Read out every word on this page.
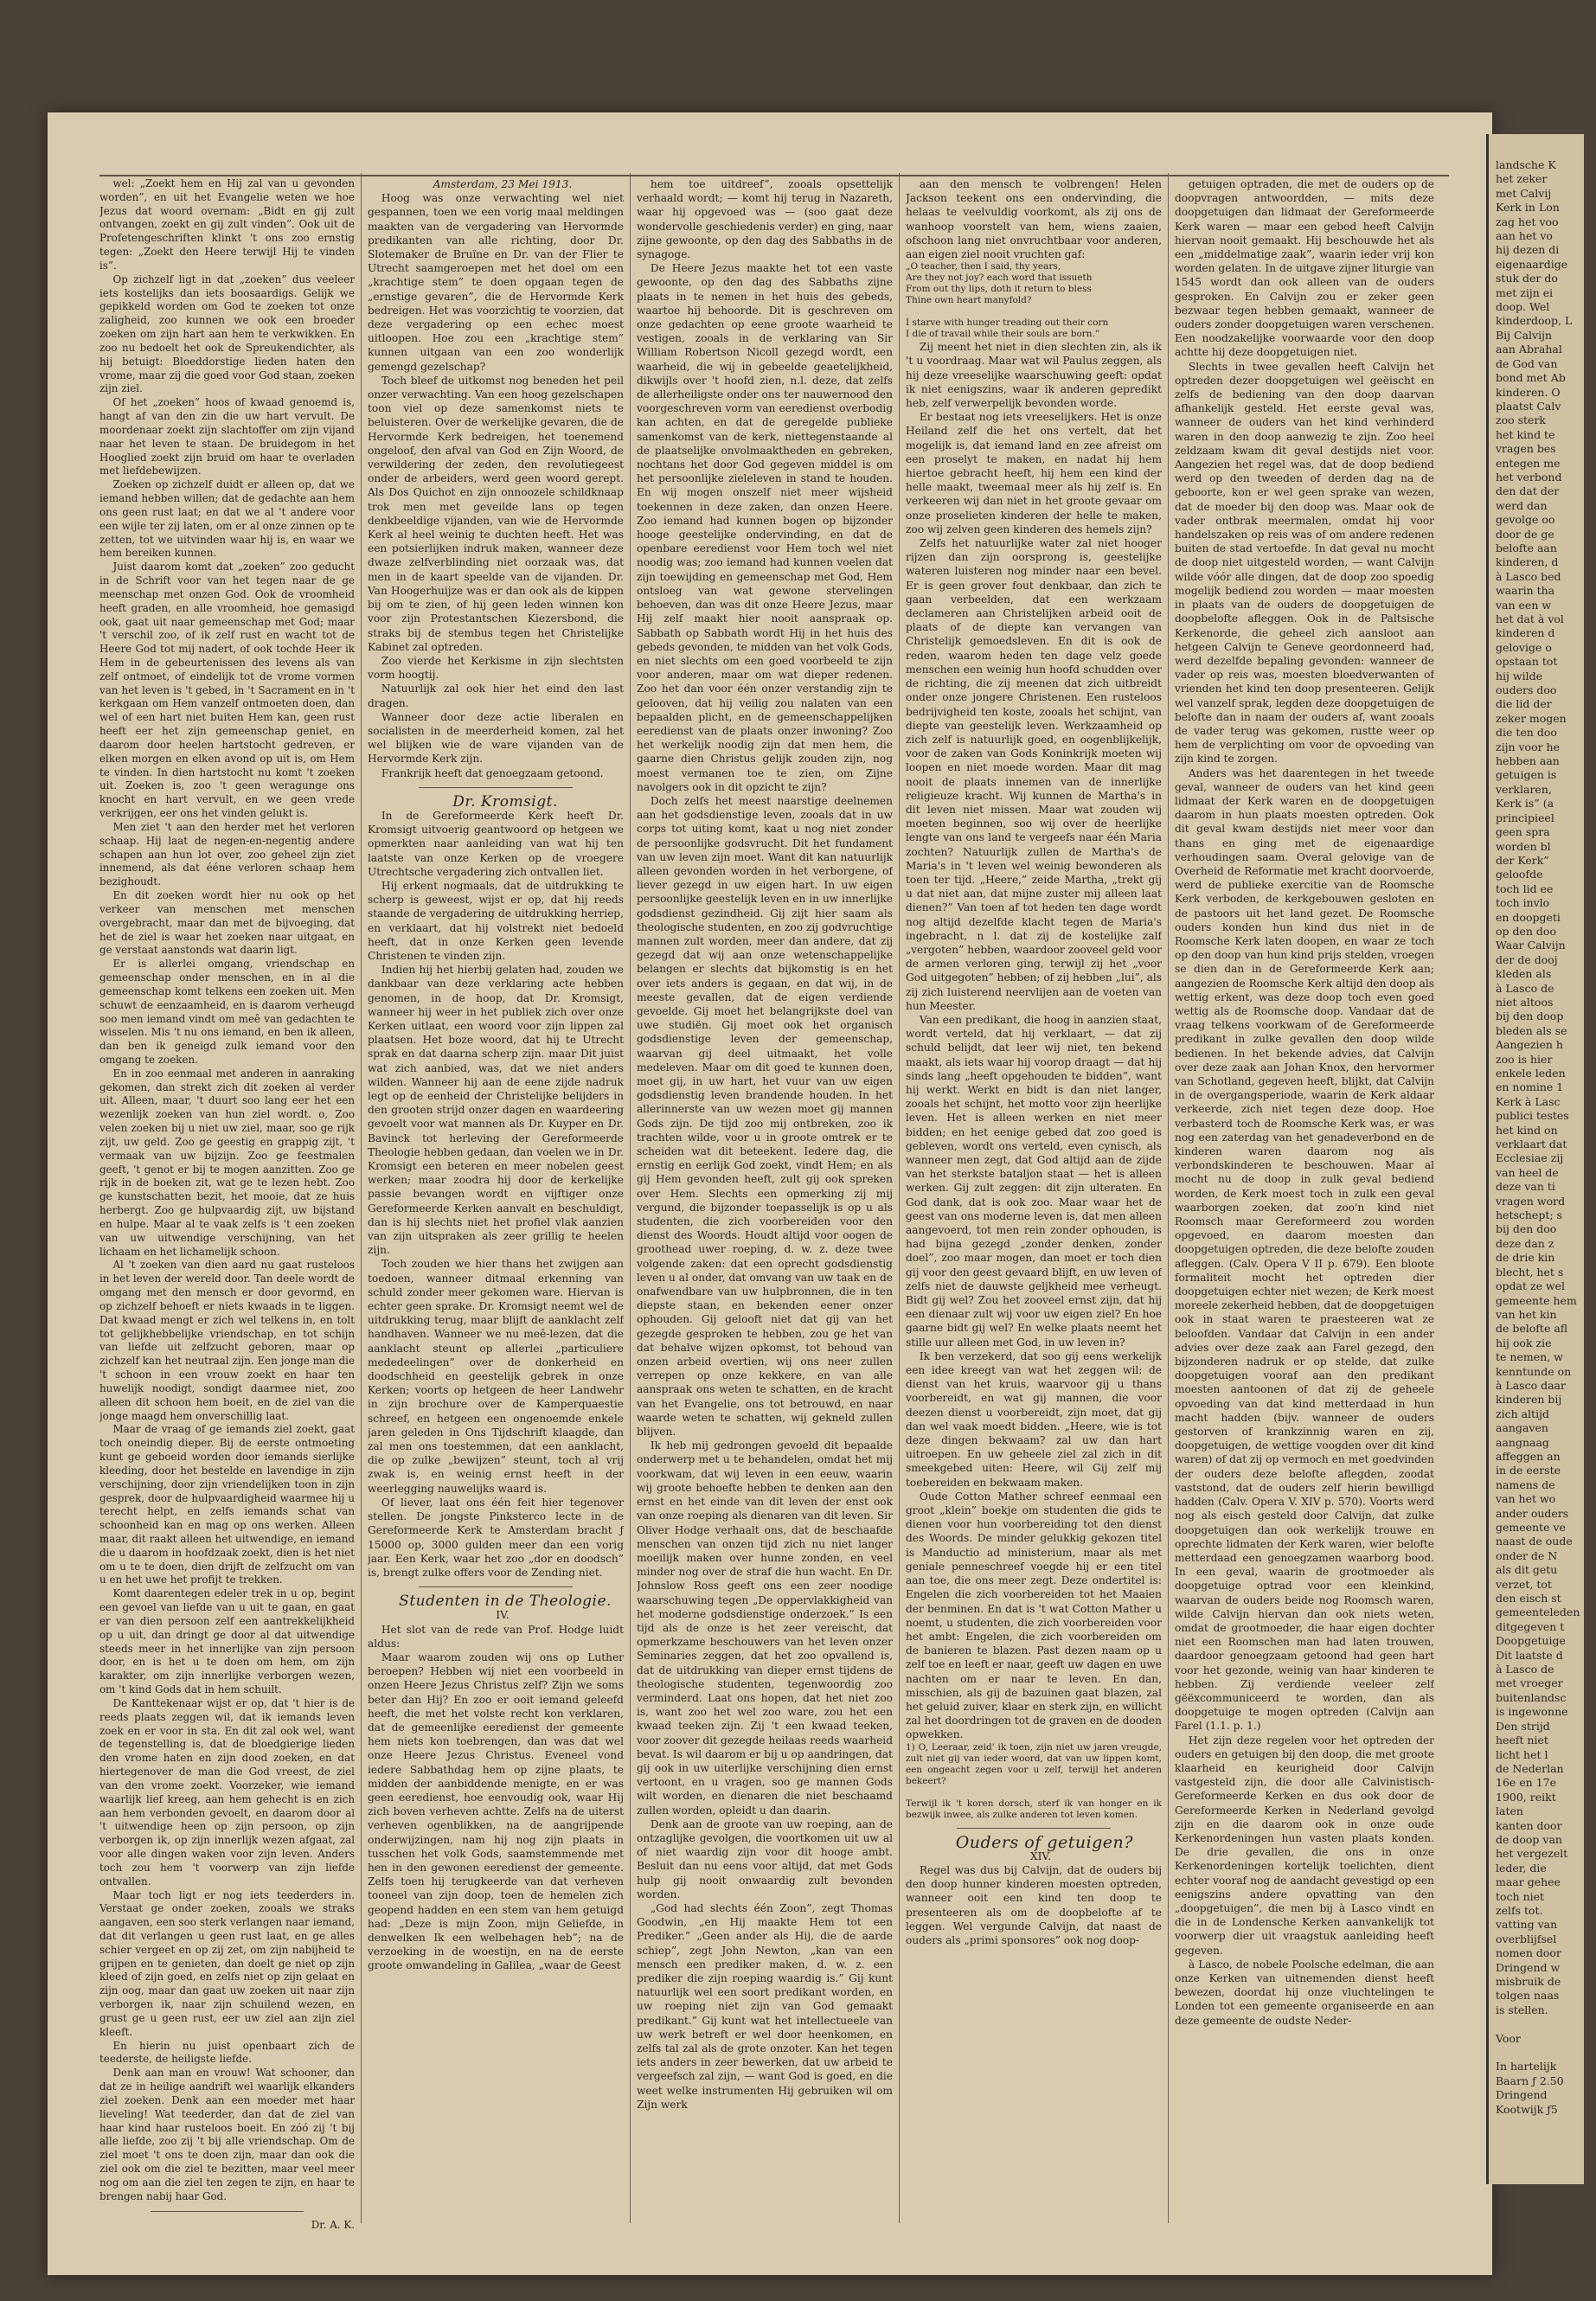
wel: „Zoekt hem en Hij zal van u gevonden worden”, en uit het Evangelie weten we hoe Jezus dat woord overnam: „Bidt en gij zult ontvangen, zoekt en gij zult vinden”. Ook uit de Profetengeschriften klinkt 't ons zoo ernstig tegen: „Zoekt den Heere terwijl Hij te vinden is”.

Op zichzelf ligt in dat „zoeken” dus veeleer iets kostelijks dan iets boosaardigs. Gelijk we gepikkeld worden om God te zoeken tot onze zaligheid, zoo kunnen we ook een broeder zoeken om zijn hart aan hem te verkwikken. En zoo nu bedoelt het ook de Spreukendichter, als hij betuigt: Bloeddorstige lieden haten den vrome, maar zij die goed voor God staan, zoeken zijn ziel.

Of het „zoeken” hoos of kwaad genoemd is, hangt af van den zin die uw hart vervult. De moordenaar zoekt zijn slachtoffer om zijn vijand naar het leven te staan. De bruidegom in het Hooglied zoekt zijn bruid om haar te overladen met liefdebewijzen.

Zoeken op zichzelf duidt er alleen op, dat we iemand hebben willen; dat de gedachte aan hem ons geen rust laat; en dat we al 't andere voor een wijle ter zij laten, om er al onze zinnen op te zetten, tot we uitvinden waar hij is, en waar we hem bereiken kunnen.

Juist daarom komt dat „zoeken” zoo geducht in de Schrift voor van het tegen naar de ge meenschap met onzen God. Ook de vroomheid heeft graden, en alle vroomheid, hoe gemasigd ook, gaat uit naar gemeenschap met God; maar 't verschil zoo, of ik zelf rust en wacht tot de Heere God tot mij nadert, of ook tochde Heer ik Hem in de gebeurtenissen des levens als van zelf ontmoet, of eindelijk tot de vrome vormen van het leven is 't gebed, in 't Sacrament en in 't kerkgaan om Hem vanzelf ontmoeten doen, dan wel of een hart niet buiten Hem kan, geen rust heeft eer het zijn gemeenschap geniet, en daarom door heelen hartstocht gedreven, er elken morgen en elken avond op uit is, om Hem te vinden. In dien hartstocht nu komt 't zoeken uit. Zoeken is, zoo 't geen weragunge ons knocht en hart vervult, en we geen vrede verkrijgen, eer ons het vinden gelukt is.

Men ziet 't aan den herder met het verloren schaap. Hij laat de negen-en-negentig andere schapen aan hun lot over, zoo geheel zijn ziet innemend, als dat ééne verloren schaap hem bezighoudt.

En dit zoeken wordt hier nu ook op het verkeer van menschen met menschen overgebracht, maar dan met de bijvoeging, dat het de ziel is waar het zoeken naar uitgaat, en ge verstaat aanstonds wat daarin ligt.

Er is allerlei omgang, vriendschap en gemeenschap onder menschen, en in al die gemeenschap komt telkens een zoeken uit. Men schuwt de eenzaamheid, en is daarom verheugd soo men iemand vindt om meê van gedachten te wisselen. Mis 't nu ons iemand, en ben ik alleen, dan ben ik geneigd zulk iemand voor den omgang te zoeken.

En in zoo eenmaal met anderen in aanraking gekomen, dan strekt zich dit zoeken al verder uit. Alleen, maar, 't duurt soo lang eer het een wezenlijk zoeken van hun ziel wordt. o, Zoo velen zoeken bij u niet uw ziel, maar, soo ge rijk zijt, uw geld. Zoo ge geestig en grappig zijt, 't vermaak van uw bijzijn. Zoo ge feestmalen geeft, 't genot er bij te mogen aanzitten. Zoo ge rijk in de boeken zit, wat ge te lezen hebt. Zoo ge kunstschatten bezit, het mooie, dat ze huis herbergt. Zoo ge hulpvaardig zijt, uw bijstand en hulpe. Maar al te vaak zelfs is 't een zoeken van uw uitwendige verschijning, van het lichaam en het lichamelijk schoon.

Al 't zoeken van dien aard nu gaat rusteloos in het leven der wereld door. Tan deele wordt de omgang met den mensch er door gevormd, en op zichzelf behoeft er niets kwaads in te liggen. Dat kwaad mengt er zich wel telkens in, en tolt tot gelijkhebbelijke vriendschap, en tot schijn van liefde uit zelfzucht geboren, maar op zichzelf kan het neutraal zijn. Een jonge man die 't schoon in een vrouw zoekt en haar ten huwelijk noodigt, sondigt daarmee niet, zoo alleen dit schoon hem boeit, en de ziel van die jonge maagd hem onverschillig laat.

Maar de vraag of ge iemands ziel zoekt, gaat toch oneindig dieper. Bij de eerste ontmoeting kunt ge geboeid worden door iemands sierlijke kleeding, door het bestelde en lavendige in zijn verschijning, door zijn vriendelijken toon in zijn gesprek, door de hulpvaardigheid waarmee hij u terecht helpt, en zelfs iemands schat van schoonheid kan en mag op ons werken. Alleen maar, dit raakt alleen het uitwendige, en iemand die u daarom in hoofdzaak zoekt, dien is het niet om u te te doen, dien drijft de zelfzucht om van u en het uwe het profijt te trekken.

Komt daarentegen edeler trek in u op, begint een gevoel van liefde van u uit te gaan, en gaat er van dien persoon zelf een aantrekkelijkheid op u uit, dan dringt ge door al dat uitwendige steeds meer in het innerlijke van zijn persoon door, en is het u te doen om hem, om zijn karakter, om zijn innerlijke verborgen wezen, om 't kind Gods dat in hem schuilt.

De Kanttekenaar wijst er op, dat 't hier is de reeds plaats zeggen wil, dat ik iemands leven zoek en er voor in sta. En dit zal ook wel, want de tegenstelling is, dat de bloedgierige lieden den vrome haten en zijn dood zoeken, en dat hiertegenover de man die God vreest, de ziel van den vrome zoekt. Voorzeker, wie iemand waarlijk lief kreeg, aan hem gehecht is en zich aan hem verbonden gevoelt, en daarom door al 't uitwendige heen op zijn persoon, op zijn verborgen ik, op zijn innerlijk wezen afgaat, zal voor alle dingen waken voor zijn leven. Anders toch zou hem 't voorwerp van zijn liefde ontvallen.

Maar toch ligt er nog iets teederders in. Verstaat ge onder zoeken, zooals we straks aangaven, een soo sterk verlangen naar iemand, dat dit verlangen u geen rust laat, en ge alles schier vergeet en op zij zet, om zijn nabijheid te grijpen en te genieten, dan doelt ge niet op zijn kleed of zijn goed, en zelfs niet op zijn gelaat en zijn oog, maar dan gaat uw zoeken uit naar zijn verborgen ik, naar zijn schuilend wezen, en grust ge u geen rust, eer uw ziel aan zijn ziel kleeft.

En hierin nu juist openbaart zich de teederste, de heiligste liefde.

Denk aan man en vrouw! Wat schooner, dan dat ze in heilige aandrift wel waarlijk elkanders ziel zoeken. Denk aan een moeder met haar lieveling! Wat teederder, dan dat de ziel van haar kind haar rusteloos boeit. En zóó zij 't bij alle liefde, zoo zij 't bij alle vriendschap. Om de ziel moet 't ons te doen zijn, maar dan ook die ziel ook om die ziel te bezitten, maar veel meer nog om aan die ziel ten zegen te zijn, en haar te brengen nabij haar God.

Dr. A. K.

Amsterdam, 23 Mei 1913.

Hoog was onze verwachting wel niet gespannen, toen we een vorig maal meldingen maakten van de vergadering van Hervormde predikanten van alle richting, door Dr. Slotemaker de Bruïne en Dr. van der Flier te Utrecht saamgeroepen met het doel om een „krachtige stem” te doen opgaan tegen de „ernstige gevaren”, die de Hervormde Kerk bedreigen. Het was voorzichtig te voorzien, dat deze vergadering op een echec moest uitloopen. Hoe zou een „krachtige stem” kunnen uitgaan van een zoo wonderlijk gemengd gezelschap?

Toch bleef de uitkomst nog beneden het peil onzer verwachting. Van een hoog gezelschapen toon viel op deze samenkomst niets te beluisteren. Over de werkelijke gevaren, die de Hervormde Kerk bedreigen, het toenemend ongeloof, den afval van God en Zijn Woord, de verwildering der zeden, den revolutiegeest onder de arbeiders, werd geen woord gerept. Als Dos Quichot en zijn onnoozele schildknaap trok men met geveilde lans op tegen denkbeeldige vijanden, van wie de Hervormde Kerk al heel weinig te duchten heeft. Het was een potsierlijken indruk maken, wanneer deze dwaze zelfverblinding niet oorzaak was, dat men in de kaart speelde van de vijanden. Dr. Van Hoogerhuijze was er dan ook als de kippen bij om te zien, of hij geen leden winnen kon voor zijn Protestantschen Kiezersbond, die straks bij de stembus tegen het Christelijke Kabinet zal optreden.

Zoo vierde het Kerkisme in zijn slechtsten vorm hoogtij.

Natuurlijk zal ook hier het eind den last dragen.

Wanneer door deze actie liberalen en socialisten in de meerderheid komen, zal het wel blijken wie de ware vijanden van de Hervormde Kerk zijn.

Frankrijk heeft dat genoegzaam getoond.

Dr. Kromsigt.

In de Gereformeerde Kerk heeft Dr. Kromsigt uitvoerig geantwoord op hetgeen we opmerkten naar aanleiding van wat hij ten laatste van onze Kerken op de vroegere Utrechtsche vergadering zich ontvallen liet.

Hij erkent nogmaals, dat de uitdrukking te scherp is geweest, wijst er op, dat hij reeds staande de vergadering de uitdrukking herriep, en verklaart, dat hij volstrekt niet bedoeld heeft, dat in onze Kerken geen levende Christenen te vinden zijn.

Indien hij het hierbij gelaten had, zouden we dankbaar van deze verklaring acte hebben genomen, in de hoop, dat Dr. Kromsigt, wanneer hij weer in het publiek zich over onze Kerken uitlaat, een woord voor zijn lippen zal plaatsen. Het boze woord, dat hij te Utrecht sprak en dat daarna scherp zijn. maar Dit juist wat zich aanbied, was, dat we niet anders wilden. Wanneer hij aan de eene zijde nadruk legt op de eenheid der Christelijke belijders in den grooten strijd onzer dagen en waardeering gevoelt voor wat mannen als Dr. Kuyper en Dr. Bavinck tot herleving der Gereformeerde Theologie hebben gedaan, dan voelen we in Dr. Kromsigt een beteren en meer nobelen geest werken; maar zoodra hij door de kerkelijke passie bevangen wordt en vijftiger onze Gereformeerde Kerken aanvalt en beschuldigt, dan is hij slechts niet het profiel vlak aanzien van zijn uitspraken als zeer grillig te heelen zijn.

Toch zouden we hier thans het zwijgen aan toedoen, wanneer ditmaal erkenning van schuld zonder meer gekomen ware. Hiervan is echter geen sprake. Dr. Kromsigt neemt wel de uitdrukking terug, maar blijft de aanklacht zelf handhaven. Wanneer we nu meê-lezen, dat die aanklacht steunt op allerlei „particuliere mededeelingen” over de donkerheid en doodschheid en geestelijk gebrek in onze Kerken; voorts op hetgeen de heer Landwehr in zijn brochure over de Kamperquaestie schreef, en hetgeen een ongenoemde enkele jaren geleden in Ons Tijdschrift klaagde, dan zal men ons toestemmen, dat een aanklacht, die op zulke „bewijzen” steunt, toch al vrij zwak is, en weinig ernst heeft in der weerlegging nauwelijks waard is.

Of liever, laat ons één feit hier tegenover stellen. De jongste Pinksterco lecte in de Gereformeerde Kerk te Amsterdam bracht ƒ 15000 op, 3000 gulden meer dan een vorig jaar. Een Kerk, waar het zoo „dor en doodsch” is, brengt zulke offers voor de Zending niet.

Studenten in de Theologie.

IV.

Het slot van de rede van Prof. Hodge luidt aldus:

Maar waarom zouden wij ons op Luther beroepen? Hebben wij niet een voorbeeld in onzen Heere Jezus Christus zelf? Zijn we soms beter dan Hij? En zoo er ooit iemand geleefd heeft, die met het volste recht kon verklaren, dat de gemeenlijke eeredienst der gemeente hem niets kon toebrengen, dan was dat wel onze Heere Jezus Christus. Eveneel vond iedere Sabbathdag hem op zijne plaats, te midden der aanbiddende menigte, en er was geen eeredienst, hoe eenvoudig ook, waar Hij zich boven verheven achtte. Zelfs na de uiterst verheven ogenblikken, na de aangrijpende onderwijzingen, nam hij nog zijn plaats in tusschen het volk Gods, saamstemmende met hen in den gewonen eeredienst der gemeente. Zelfs toen hij terugkeerde van dat verheven tooneel van zijn doop, toen de hemelen zich geopend hadden en een stem van hem getuigd had: „Deze is mijn Zoon, mijn Geliefde, in denwelken Ik een welbehagen heb”; na de verzoeking in de woestijn, en na de eerste groote omwandeling in Galilea, „waar de Geest

hem toe uitdreef”, zooals opsettelijk verhaald wordt; — komt hij terug in Nazareth, waar hij opgevoed was — (soo gaat deze wondervolle geschiedenis verder) en ging, naar zijne gewoonte, op den dag des Sabbaths in de synagoge.

De Heere Jezus maakte het tot een vaste gewoonte, op den dag des Sabbaths zijne plaats in te nemen in het huis des gebeds, waartoe hij behoorde. Dit is geschreven om onze gedachten op eene groote waarheid te vestigen, zooals in de verklaring van Sir William Robertson Nicoll gezegd wordt, een waarheid, die wij in gebeelde geaetelijkheid, dikwijls over 't hoofd zien, n.l. deze, dat zelfs de allerheiligste onder ons ter nauwernood den voorgeschreven vorm van eeredienst overbodig kan achten, en dat de geregelde publieke samenkomst van de kerk, niettegenstaande al de plaatselijke onvolmaaktheden en gebreken, nochtans het door God gegeven middel is om het persoonlijke zieleleven in stand te houden. En wij mogen onszelf niet meer wijsheid toekennen in deze zaken, dan onzen Heere. Zoo iemand had kunnen bogen op bijzonder hooge geestelijke ondervinding, en dat de openbare eeredienst voor Hem toch wel niet noodig was; zoo iemand had kunnen voelen dat zijn toewijding en gemeenschap met God, Hem ontsloeg van wat gewone stervelingen behoeven, dan was dit onze Heere Jezus, maar Hij zelf maakt hier nooit aanspraak op. Sabbath op Sabbath wordt Hij in het huis des gebeds gevonden, te midden van het volk Gods, en niet slechts om een goed voorbeeld te zijn voor anderen, maar om wat dieper redenen. Zoo het dan voor één onzer verstandig zijn te gelooven, dat hij veilig zou nalaten van een bepaalden plicht, en de gemeenschappelijken eeredienst van de plaats onzer inwoning? Zoo het werkelijk noodig zijn dat men hem, die gaarne dien Christus gelijk zouden zijn, nog moest vermanen toe te zien, om Zijne navolgers ook in dit opzicht te zijn?

Doch zelfs het meest naarstige deelnemen aan het godsdienstige leven, zooals dat in uw corps tot uiting komt, kaat u nog niet zonder de persoonlijke godsvrucht. Dit het fundament van uw leven zijn moet. Want dit kan natuurlijk alleen gevonden worden in het verborgene, of liever gezegd in uw eigen hart. In uw eigen persoonlijke geestelijk leven en in uw innerlijke godsdienst gezindheid. Gij zijt hier saam als theologische studenten, en zoo zij godvruchtige mannen zult worden, meer dan andere, dat zij gezegd dat wij aan onze wetenschappelijke belangen er slechts dat bijkomstig is en het over iets anders is gegaan, en dat wij, in de meeste gevallen, dat de eigen verdiende gevoelde. Gij moet het belangrijkste doel van uwe studiën. Gij moet ook het organisch godsdienstige leven der gemeenschap, waarvan gij deel uitmaakt, het volle medeleven. Maar om dit goed te kunnen doen, moet gij, in uw hart, het vuur van uw eigen godsdienstig leven brandende houden. In het allerinnerste van uw wezen moet gij mannen Gods zijn. De tijd zoo mij ontbreken, zoo ik trachten wilde, voor u in groote omtrek er te scheiden wat dit beteekent. Iedere dag, die ernstig en eerlijk God zoekt, vindt Hem; en als gij Hem gevonden heeft, zult gij ook spreken over Hem. Slechts een opmerking zij mij vergund, die bijzonder toepasselijk is op u als studenten, die zich voorbereiden voor den dienst des Woords. Houdt altijd voor oogen de groothead uwer roeping, d. w. z. deze twee volgende zaken: dat een oprecht godsdienstig leven u al onder, dat omvang van uw taak en de onafwendbare van uw hulpbronnen, die in ten diepste staan, en bekenden eener onzer ophouden. Gij gelooft niet dat gij van het gezegde gesproken te hebben, zou ge het van dat behalve wijzen opkomst, tot behoud van onzen arbeid overtien, wij ons neer zullen verrepen op onze kekkere, en van alle aanspraak ons weten te schatten, en de kracht van het Evangelie, ons tot betrouwd, en naar waarde weten te schatten, wij gekneld zullen blijven.

Ik heb mij gedrongen gevoeld dit bepaalde onderwerp met u te behandelen, omdat het mij voorkwam, dat wij leven in een eeuw, waarin wij groote behoefte hebben te denken aan den ernst en het einde van dit leven der enst ook van onze roeping als dienaren van dit leven. Sir Oliver Hodge verhaalt ons, dat de beschaafde menschen van onzen tijd zich nu niet langer moeilijk maken over hunne zonden, en veel minder nog over de straf die hun wacht. En Dr. Johnslow Ross geeft ons een zeer noodige waarschuwing tegen „De oppervlakkigheid van het moderne godsdienstige onderzoek.” Is een tijd als de onze is het zeer vereischt, dat opmerkzame beschouwers van het leven onzer Seminaries zeggen, dat het zoo opvallend is, dat de uitdrukking van dieper ernst tijdens de theologische studenten, tegenwoordig zoo verminderd. Laat ons hopen, dat het niet zoo is, want zoo het wel zoo ware, zou het een kwaad teeken zijn. Zij 't een kwaad teeken, voor zoover dit gezegde heilaas reeds waarheid bevat. Is wil daarom er bij u op aandringen, dat gij ook in uw uiterlijke verschijning dien ernst vertoont, en u vragen, soo ge mannen Gods wilt worden, en dienaren die niet beschaamd zullen worden, opleidt u dan daarin.

Denk aan de groote van uw roeping, aan de ontzaglijke gevolgen, die voortkomen uit uw al of niet waardig zijn voor dit hooge ambt. Besluit dan nu eens voor altijd, dat met Gods hulp gij nooit onwaardig zult bevonden worden.

„God had slechts één Zoon”, zegt Thomas Goodwin, „en Hij maakte Hem tot een Prediker.” „Geen ander als Hij, die de aarde schiep”, zegt John Newton, „kan van een mensch een prediker maken, d. w. z. een prediker die zijn roeping waardig is.” Gij kunt natuurlijk wel een soort predikant worden, en uw roeping niet zijn van God gemaakt predikant.” Gij kunt wat het intellectueele van uw werk betreft er wel door heenkomen, en zelfs tal zal als de grote onzoter. Kan het tegen iets anders in zeer bewerken, dat uw arbeid te vergeefsch zal zijn, — want God is goed, en die weet welke instrumenten Hij gebruiken wil om Zijn werk

aan den mensch te volbrengen! Helen Jackson teekent ons een ondervinding, die helaas te veelvuldig voorkomt, als zij ons de wanhoop voorstelt van hem, wiens zaaien, ofschoon lang niet onvruchtbaar voor anderen, aan eigen ziel nooit vruchten gaf:

„O teacher, then I said, thy years,
Are they not joy? each word that issueth
From out thy lips, doth it return to bless
Thine own heart manyfold?

I starve with hunger treading out their corn
I die of travail while their souls are born.”

Zij meent het niet in dien slechten zin, als ik 't u voordraag. Maar wat wil Paulus zeggen, als hij deze vreeselijke waarschuwing geeft: opdat ik niet eenigszins, waar ik anderen gepredikt heb, zelf verwerpelijk bevonden worde.

Er bestaat nog iets vreeselijkers. Het is onze Heiland zelf die het ons vertelt, dat het mogelijk is, dat iemand land en zee afreist om een proselyt te maken, en nadat hij hem hiertoe gebracht heeft, hij hem een kind der helle maakt, tweemaal meer als hij zelf is. En verkeeren wij dan niet in het groote gevaar om onze proselieten kinderen der helle te maken, zoo wij zelven geen kinderen des hemels zijn?

Zelfs het natuurlijke water zal niet hooger rijzen dan zijn oorsprong is, geestelijke wateren luisteren nog minder naar een bevel. Er is geen grover fout denkbaar, dan zich te gaan verbeelden, dat een werkzaam declameren aan Christelijken arbeid ooit de plaats of de diepte kan vervangen van Christelijk gemoedsleven. En dit is ook de reden, waarom heden ten dage velz goede menschen een weinig hun hoofd schudden over de richting, die zij meenen dat zich uitbreidt onder onze jongere Christenen. Een rusteloos bedrijvigheid ten koste, zooals het schijnt, van diepte van geestelijk leven. Werkzaamheid op zich zelf is natuurlijk goed, en oogenblijkelijk, voor de zaken van Gods Koninkrijk moeten wij loopen en niet moede worden. Maar dit mag nooit de plaats innemen van de innerlijke religieuze kracht. Wij kunnen de Martha's in dit leven niet missen. Maar wat zouden wij moeten beginnen, soo wij over de heerlijke lengte van ons land te vergeefs naar één Maria zochten? Natuurlijk zullen de Martha's de Maria's in 't leven wel weinig bewonderen als toen ter tijd. „Heere,” zeide Martha, „trekt gij u dat niet aan, dat mijne zuster mij alleen laat dienen?” Van toen af tot heden ten dage wordt nog altijd dezelfde klacht tegen de Maria's ingebracht, n l. dat zij de kostelijke zalf „vergoten” hebben, waardoor zooveel geld voor de armen verloren ging, terwijl zij het „voor God uitgegoten” hebben; of zij hebben „lui”, als zij zich luisterend neervlijen aan de voeten van hun Meester.

Van een predikant, die hoog in aanzien staat, wordt verteld, dat hij verklaart, — dat zij schuld belijdt, dat leer wij niet, ten bekend maakt, als iets waar hij voorop draagt — dat hij sinds lang „heeft opgehouden te bidden”, want hij werkt. Werkt en bidt is dan niet langer, zooals het schijnt, het motto voor zijn heerlijke leven. Het is alleen werken en niet meer bidden; en het eenige gebed dat zoo goed is gebleven, wordt ons verteld, even cynisch, als wanneer men zegt, dat God altijd aan de zijde van het sterkste bataljon staat — het is alleen werken. Gij zult zeggen: dit zijn ulteraten. En God dank, dat is ook zoo. Maar waar het de geest van ons moderne leven is, dat men alleen aangevoerd, tot men rein zonder ophouden, is had bijna gezegd „zonder denken, zonder doel”, zoo maar mogen, dan moet er toch dien gij voor den geest gevaard blijft, en uw leven of zelfs niet de dauwste geljkheid mee verheugt. Bidt gij wel? Zou het zooveel ernst zijn, dat hij een dienaar zult wij voor uw eigen ziel? En hoe gaarne bidt gij wel? En welke plaats neemt het stille uur alleen met God, in uw leven in?

Ik ben verzekerd, dat soo gij eens werkelijk een idee kreegt van wat het zeggen wil: de dienst van het kruis, waarvoor gij u thans voorbereidt, en wat gij mannen, die voor deezen dienst u voorbereidt, zijn moet, dat gij dan wel vaak moedt bidden. „Heere, wie is tot deze dingen bekwaam? zal uw dan hart uitroepen. En uw geheele ziel zal zich in dit smeekgebed uiten: Heere, wil Gij zelf mij toebereiden en bekwaam maken.

Oude Cotton Mather schreef eenmaal een groot „klein” boekje om studenten die gids te dienen voor hun voorbereiding tot den dienst des Woords. De minder gelukkig gekozen titel is Manductio ad ministerium, maar als met geniale penneschreef voegde hij er een titel aan toe, die ons meer zegt. Deze ondertitel is: Engelen die zich voorbereiden tot het Maaien der benminen. En dat is 't wat Cotton Mather u noemt, u studenten, die zich voorbereiden voor het ambt: Engelen, die zich voorbereiden om de banieren te blazen. Past dezen naam op u zelf toe en leeft er naar, geeft uw dagen en uwe nachten om er naar te leven. En dan, misschien, als gij de bazuinen gaat blazen, zal het geluid zuiver, klaar en sterk zijn, en willicht zal het doordringen tot de graven en de dooden opwekken.

1) O, Leeraar, zeid' ik toen, zijn niet uw jaren vreugde, zult niet gij van ieder woord, dat van uw lippen komt, een ongeacht zegen voor u zelf, terwijl het anderen bekeert?

Terwijl ik 't koren dorsch, sterf ik van honger en ik bezwijk inwee, als zulke anderen tot leven komen.

Ouders of getuigen?

XIV.

Regel was dus bij Calvijn, dat de ouders bij den doop hunner kinderen moesten optreden, wanneer ooit een kind ten doop te presenteeren als om de doopbelofte af te leggen. Wel vergunde Calvijn, dat naast de ouders als „primi sponsores” ook nog doop-

getuigen optraden, die met de ouders op de doopvragen antwoordden, — mits deze doopgetuigen dan lidmaat der Gereformeerde Kerk waren — maar een gebod heeft Calvijn hiervan nooit gemaakt. Hij beschouwde het als een „middelmatige zaak”, waarin ieder vrij kon worden gelaten. In de uitgave zijner liturgie van 1545 wordt dan ook alleen van de ouders gesproken. En Calvijn zou er zeker geen bezwaar tegen hebben gemaakt, wanneer de ouders zonder doopgetuigen waren verschenen. Een noodzakelijke voorwaarde voor den doop achtte hij deze doopgetuigen niet.

Slechts in twee gevallen heeft Calvijn het optreden dezer doopgetuigen wel geëischt en zelfs de bediening van den doop daarvan afhankelijk gesteld. Het eerste geval was, wanneer de ouders van het kind verhinderd waren in den doop aanwezig te zijn. Zoo heel zeldzaam kwam dit geval destijds niet voor. Aangezien het regel was, dat de doop bediend werd op den tweeden of derden dag na de geboorte, kon er wel geen sprake van wezen, dat de moeder bij den doop was. Maar ook de vader ontbrak meermalen, omdat hij voor handelszaken op reis was of om andere redenen buiten de stad vertoefde. In dat geval nu mocht de doop niet uitgesteld worden, — want Calvijn wilde vóór alle dingen, dat de doop zoo spoedig mogelijk bediend zou worden — maar moesten in plaats van de ouders de doopgetuigen de doopbelofte afleggen. Ook in de Paltsische Kerkenorde, die geheel zich aansloot aan hetgeen Calvijn te Geneve geordonneerd had, werd dezelfde bepaling gevonden: wanneer de vader op reis was, moesten bloedverwanten of vrienden het kind ten doop presenteeren. Gelijk wel vanzelf sprak, legden deze doopgetuigen de belofte dan in naam der ouders af, want zooals de vader terug was gekomen, rustte weer op hem de verplichting om voor de opvoeding van zijn kind te zorgen.

Anders was het daarentegen in het tweede geval, wanneer de ouders van het kind geen lidmaat der Kerk waren en de doopgetuigen daarom in hun plaats moesten optreden. Ook dit geval kwam destijds niet meer voor dan thans en ging met de eigenaardige verhoudingen saam. Overal gelovige van de Overheid de Reformatie met kracht doorvoerde, werd de publieke exercitie van de Roomsche Kerk verboden, de kerkgebouwen gesloten en de pastoors uit het land gezet. De Roomsche ouders konden hun kind dus niet in de Roomsche Kerk laten doopen, en waar ze toch op den doop van hun kind prijs stelden, vroegen se dien dan in de Gereformeerde Kerk aan; aangezien de Roomsche Kerk altijd den doop als wettig erkent, was deze doop toch even goed wettig als de Roomsche doop. Vandaar dat de vraag telkens voorkwam of de Gereformeerde predikant in zulke gevallen den doop wilde bedienen. In het bekende advies, dat Calvijn over deze zaak aan Johan Knox, den hervormer van Schotland, gegeven heeft, blijkt, dat Calvijn in de overgangsperiode, waarin de Kerk aldaar verkeerde, zich niet tegen deze doop. Hoe verbasterd toch de Roomsche Kerk was, er was nog een zaterdag van het genadeverbond en de kinderen waren daarom nog als verbondskinderen te beschouwen. Maar al mocht nu de doop in zulk geval bediend worden, de Kerk moest toch in zulk een geval waarborgen zoeken, dat zoo'n kind niet Roomsch maar Gereformeerd zou worden opgevoed, en daarom moesten dan doopgetuigen optreden, die deze belofte zouden afleggen. (Calv. Opera V II p. 679). Een bloote formaliteit mocht het optreden dier doopgetuigen echter niet wezen; de Kerk moest moreele zekerheid hebben, dat de doopgetuigen ook in staat waren te praesteeren wat ze beloofden. Vandaar dat Calvijn in een ander advies over deze zaak aan Farel gezegd, den bijzonderen nadruk er op stelde, dat zulke doopgetuigen vooraf aan den predikant moesten aantoonen of dat zij de geheele opvoeding van dat kind metterdaad in hun macht hadden (bijv. wanneer de ouders gestorven of krankzinnig waren en zij, doopgetuigen, de wettige voogden over dit kind waren) of dat zij op vermoch en met goedvinden der ouders deze belofte aflegden, zoodat vaststond, dat de ouders zelf hierin bewilligd hadden (Calv. Opera V. XIV p. 570). Voorts werd nog als eisch gesteld door Calvijn, dat zulke doopgetuigen dan ook werkelijk trouwe en oprechte lidmaten der Kerk waren, wier belofte metterdaad een genoegzamen waarborg bood. In een geval, waarin de grootmoeder als doopgetuige optrad voor een kleinkind, waarvan de ouders beide nog Roomsch waren, wilde Calvijn hiervan dan ook niets weten, omdat de grootmoeder, die haar eigen dochter niet een Roomschen man had laten trouwen, daardoor genoegzaam getoond had geen hart voor het gezonde, weinig van haar kinderen te hebben. Zij verdiende veeleer zelf gëëxcommuniceerd te worden, dan als doopgetuige te mogen optreden (Calvijn aan Farel (1.1. p. 1.)

Het zijn deze regelen voor het optreden der ouders en getuigen bij den doop, die met groote klaarheid en keurigheid door Calvijn vastgesteld zijn, die door alle Calvinistisch-Gereformeerde Kerken en dus ook door de Gereformeerde Kerken in Nederland gevolgd zijn en die daarom ook in onze oude Kerkenordeningen hun vasten plaats konden. De drie gevallen, die ons in onze Kerkenordeningen kortelijk toelichten, dient echter vooraf nog de aandacht gevestigd op een eenigszins andere opvatting van den „doopgetuigen”, die men bij à Lasco vindt en die in de Londensche Kerken aanvankelijk tot voorwerp dier uit vraagstuk aanleiding heeft gegeven.

à Lasco, de nobele Poolsche edelman, die aan onze Kerken van uitnemenden dienst heeft bewezen, doordat hij onze vluchtelingen te Londen tot een gemeente organiseerde en aan deze gemeente de oudste Neder-

landsche K
het zeker
met Calvij
Kerk in Lon
zag het voo
aan het vo
hij dezen di
eigenaardige
stuk der do
met zijn ei
doop. Wel
kinderdoop, L
Bij Calvijn
aan Abrahal
de God van
bond met Ab
kinderen. O
plaatst Calv
zoo sterk
het kind te
vragen bes
entegen me
het verbond
den dat der
werd dan
gevolge oo
door de ge
belofte aan
kinderen, d
à Lasco bed
waarin tha
van een w
het dat à vol
kinderen d
gelovige o
opstaan tot
hij wilde
ouders doo
die lid der
zeker mogen
die ten doo
zijn voor he
hebben aan
getuigen is
verklaren,
Kerk is” (a
principieel
geen spra
worden bl
der Kerk”
geloofde
toch lid ee
toch invlo
en doopgeti
op den doo
Waar Calvijn
der de dooj
kleden als
à Lasco de
niet altoos
bij den doop
bleden als se
Aangezien h
zoo is hier
enkele leden
en nomine 1
Kerk à Lasc
publici testes
het kind on
verklaart dat
Ecclesiae zij
van heel de
deze van ti
vragen word
hetschept; s
bij den doo
deze dan z
de drie kin
blecht, het s
opdat ze wel
gemeente hem
van het kin
de belofte afl
hij ook zie
te nemen, w
kenntunde on
à Lasco daar
kinderen bij
zich altijd
aangaven aangnaag
affeggen an
in de eerste
namens de
van het wo
ander ouders
gemeente ve
naast de oude
onder de N
als dit getu
verzet, tot
den eisch st
gemeenteleden
ditgegeven t
Doopgetuige
Dit laatste d
à Lasco de
met vroeger
buitenlandsc
is ingewonne
Den strijd
heeft niet
licht het l
de Nederlan
16e en 17e
1900, reikt
laten
kanten door
de doop van
het vergezelt
leder, die
maar gehee
toch niet
zelfs tot.
vatting van
overblijfsel
nomen door
Dringend w
misbruik de
tolgen naas
is stellen.

Voor

In hartelijk
Baarn ƒ 2.50
Dringend
Kootwijk ƒ5
